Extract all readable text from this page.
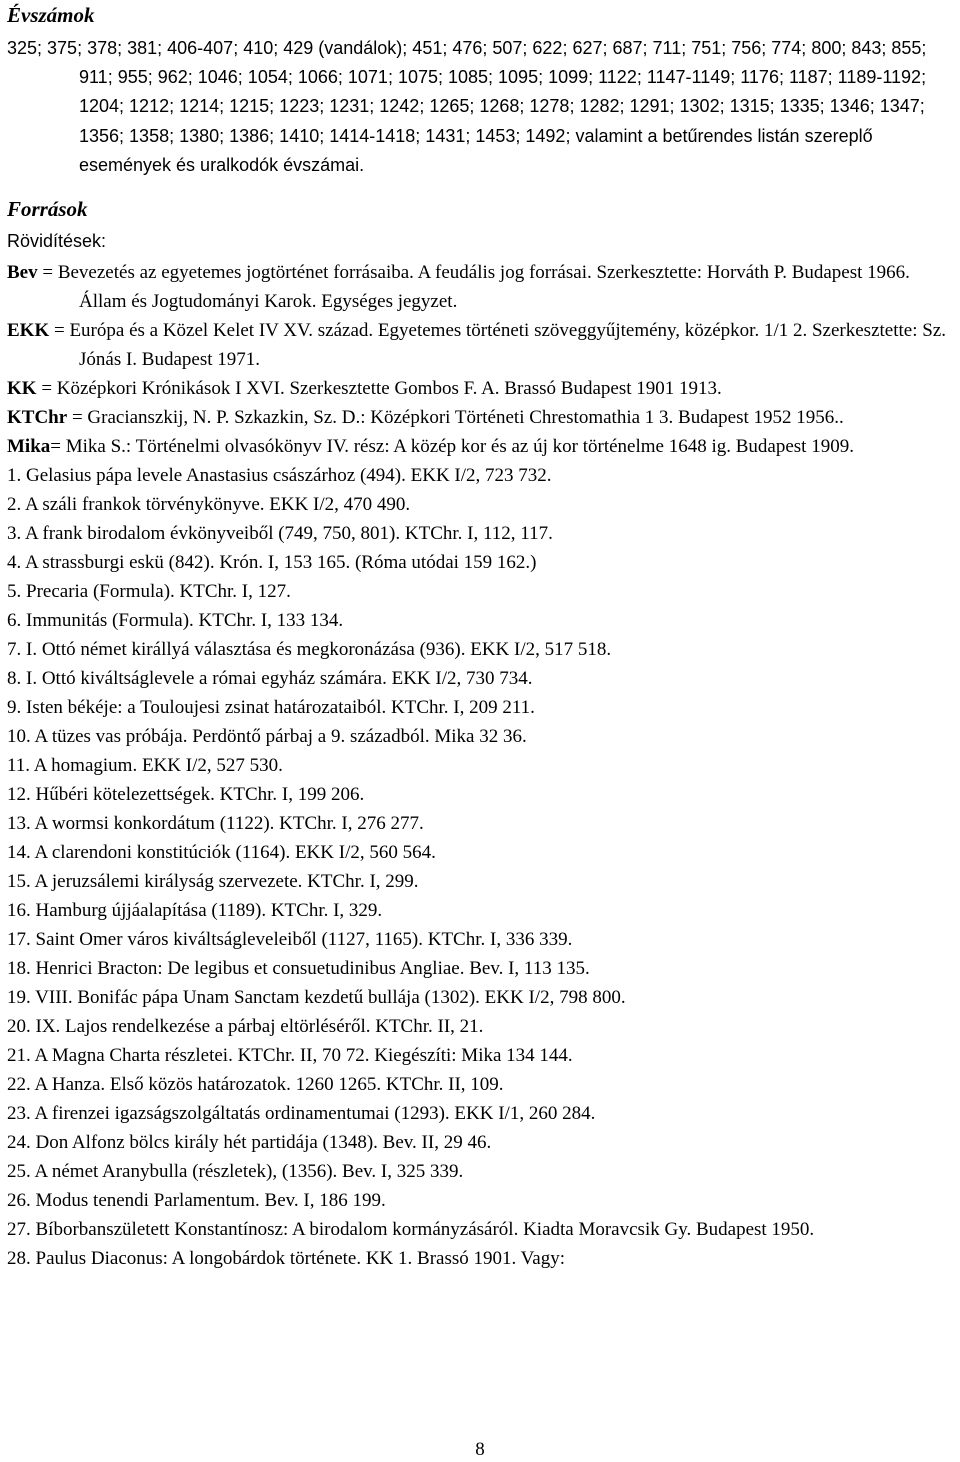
Évszámok

325; 375; 378; 381; 406-407; 410; 429 (vandálok); 451; 476; 507; 622; 627; 687; 711; 751; 756; 774; 800; 843; 855; 911; 955; 962; 1046; 1054; 1066; 1071; 1075; 1085; 1095; 1099; 1122; 1147-1149; 1176; 1187; 1189-1192; 1204; 1212; 1214; 1215; 1223; 1231; 1242; 1265; 1268; 1278; 1282; 1291; 1302; 1315; 1335; 1346; 1347; 1356; 1358; 1380; 1386; 1410; 1414-1418; 1431; 1453; 1492; valamint a betűrendes listán szereplő események és uralkodók évszámai.

Források

Rövidítések:

Bev = Bevezetés az egyetemes jogtörténet forrásaiba. A feudális jog forrásai. Szerkesztette: Horváth P. Budapest 1966. Állam és Jogtudományi Karok. Egységes jegyzet.

EKK = Európa és a Közel Kelet IV XV. század. Egyetemes történeti szöveggyűjtemény, középkor. 1/1 2. Szerkesztette: Sz. Jónás I. Budapest 1971.

KK = Középkori Krónikások I XVI. Szerkesztette Gombos F. A. Brassó Budapest 1901 1913.

KTChr = Gracianszkij, N. P. Szkazkin, Sz. D.: Középkori Történeti Chrestomathia 1 3. Budapest 1952 1956..

Mika= Mika S.: Történelmi olvasókönyv IV. rész: A közép kor és az új kor történelme 1648 ig. Budapest 1909.

1. Gelasius pápa levele Anastasius császárhoz (494). EKK I/2, 723 732.
2. A száli frankok törvénykönyve. EKK I/2, 470 490.
3. A frank birodalom évkönyveiből (749, 750, 801). KTChr. I, 112, 117.
4. A strassburgi eskü (842). Krón. I, 153 165. (Róma utódai 159 162.)
5. Precaria (Formula). KTChr. I, 127.
6. Immunitás (Formula). KTChr. I, 133 134.
7. I. Ottó német királlyá választása és megkoronázása (936). EKK I/2, 517 518.
8. I. Ottó kiváltságlevele a római egyház számára. EKK I/2, 730 734.
9. Isten békéje: a Touloujesi zsinat határozataiból. KTChr. I, 209 211.
10. A tüzes vas próbája. Perdöntő párbaj a 9. századból. Mika 32 36.
11. A homagium. EKK I/2, 527 530.
12. Hűbéri kötelezettségek. KTChr. I, 199 206.
13. A wormsi konkordátum (1122). KTChr. I, 276 277.
14. A clarendoni konstitúciók (1164). EKK I/2, 560 564.
15. A jeruzsálemi királyság szervezete. KTChr. I, 299.
16. Hamburg újjáalapítása (1189). KTChr. I, 329.
17. Saint Omer város kiváltságleveleiből (1127, 1165). KTChr. I, 336 339.
18. Henrici Bracton: De legibus et consuetudinibus Angliae. Bev. I, 113 135.
19. VIII. Bonifác pápa Unam Sanctam kezdetű bullája (1302). EKK I/2, 798 800.
20. IX. Lajos rendelkezése a párbaj eltörléséről. KTChr. II, 21.
21. A Magna Charta részletei. KTChr. II, 70 72. Kiegészíti: Mika 134 144.
22. A Hanza. Első közös határozatok. 1260 1265. KTChr. II, 109.
23. A firenzei igazságszolgáltatás ordinamentumai (1293). EKK I/1, 260 284.
24. Don Alfonz bölcs király hét partidája (1348). Bev. II, 29 46.
25. A német Aranybulla (részletek), (1356). Bev. I, 325 339.
26. Modus tenendi Parlamentum. Bev. I, 186 199.
27. Bíborbanszületett Konstantínosz: A birodalom kormányzásáról. Kiadta Moravcsik Gy. Budapest 1950.
28. Paulus Diaconus: A longobárdok története. KK 1. Brassó 1901. Vagy:
8
